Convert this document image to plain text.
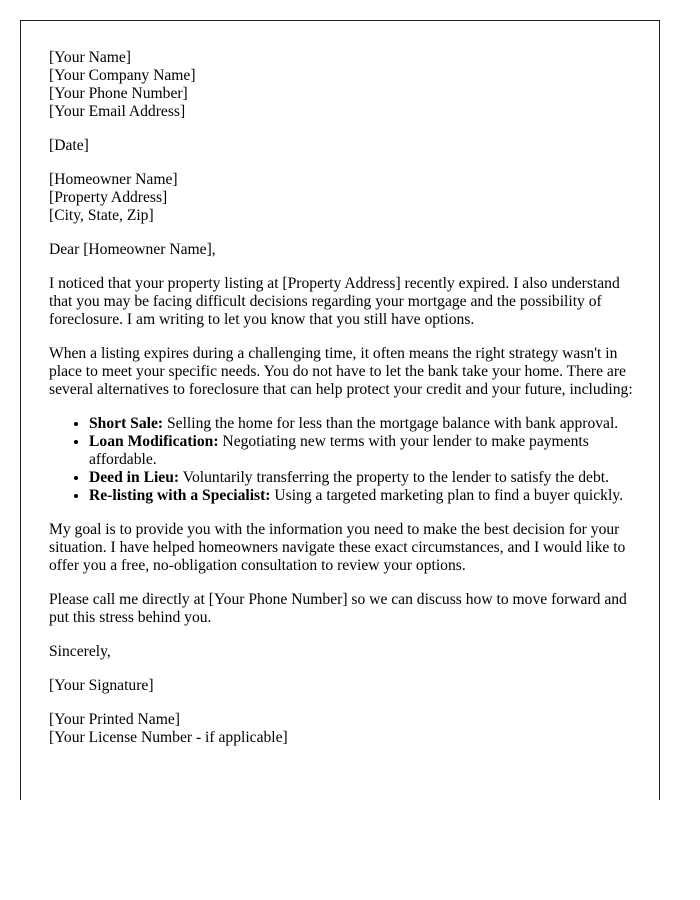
[Your Name]
[Your Company Name]
[Your Phone Number]
[Your Email Address]
[Date]
[Homeowner Name]
[Property Address]
[City, State, Zip]

Dear [Homeowner Name],

I noticed that your property listing at [Property Address] recently expired. I also understand that you may be facing difficult decisions regarding your mortgage and the possibility of foreclosure. I am writing to let you know that you still have options.

When a listing expires during a challenging time, it often means the right strategy wasn't in place to meet your specific needs. You do not have to let the bank take your home. There are several alternatives to foreclosure that can help protect your credit and your future, including:

• Short Sale: Selling the home for less than the mortgage balance with bank approval.
• Loan Modification: Negotiating new terms with your lender to make payments affordable.
• Deed in Lieu: Voluntarily transferring the property to the lender to satisfy the debt.
• Re-listing with a Specialist: Using a targeted marketing plan to find a buyer quickly.

My goal is to provide you with the information you need to make the best decision for your situation. I have helped homeowners navigate these exact circumstances, and I would like to offer you a free, no-obligation consultation to review your options.

Please call me directly at [Your Phone Number] so we can discuss how to move forward and put this stress behind you.

Sincerely,

[Your Signature]

[Your Printed Name]
[Your License Number - if applicable]
